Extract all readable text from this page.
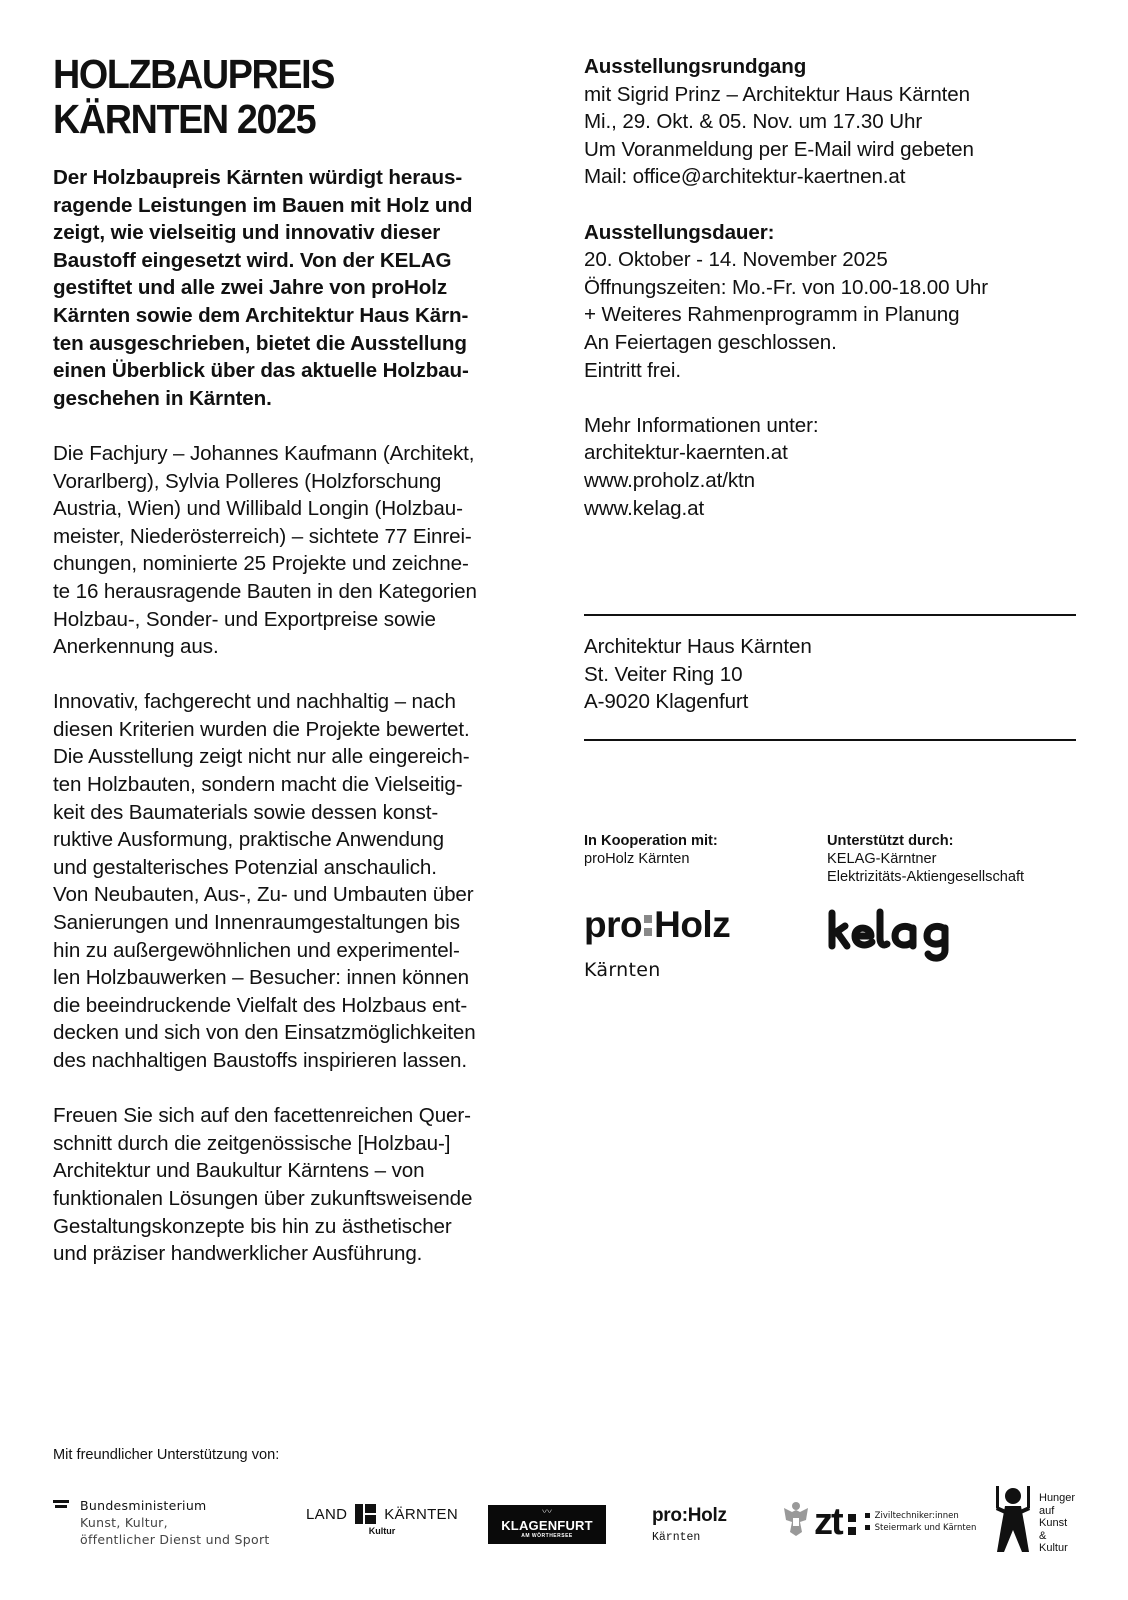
HOLZBAUPREIS
KÄRNTEN 2025

Der Holzbaupreis Kärnten würdigt heraus-
ragende Leistungen im Bauen mit Holz und
zeigt, wie vielseitig und innovativ dieser
Baustoff eingesetzt wird. Von der KELAG
gestiftet und alle zwei Jahre von proHolz
Kärnten sowie dem Architektur Haus Kärn-
ten ausgeschrieben, bietet die Ausstellung
einen Überblick über das aktuelle Holzbau-
geschehen in Kärnten.

Die Fachjury – Johannes Kaufmann (Architekt,
Vorarlberg), Sylvia Polleres (Holzforschung
Austria, Wien) und Willibald Longin (Holzbau-
meister, Niederösterreich) – sichtete 77 Einrei-
chungen, nominierte 25 Projekte und zeichne-
te 16 herausragende Bauten in den Kategorien
Holzbau-, Sonder- und Exportpreise sowie
Anerkennung aus.

Innovativ, fachgerecht und nachhaltig – nach
diesen Kriterien wurden die Projekte bewertet.
Die Ausstellung zeigt nicht nur alle eingereich-
ten Holzbauten, sondern macht die Vielseitig-
keit des Baumaterials sowie dessen konst-
ruktive Ausformung, praktische Anwendung
und gestalterisches Potenzial anschaulich.
Von Neubauten, Aus-, Zu- und Umbauten über
Sanierungen und Innenraumgestaltungen bis
hin zu außergewöhnlichen und experimentel-
len Holzbauwerken – Besucher: innen können
die beeindruckende Vielfalt des Holzbaus ent-
decken und sich von den Einsatzmöglichkeiten
des nachhaltigen Baustoffs inspirieren lassen.

Freuen Sie sich auf den facettenreichen Quer-
schnitt durch die zeitgenössische [Holzbau-]
Architektur und Baukultur Kärntens – von
funktionalen Lösungen über zukunftsweisende
Gestaltungskonzepte bis hin zu ästhetischer
und präziser handwerklicher Ausführung.

Ausstellungsrundgang
mit Sigrid Prinz – Architektur Haus Kärnten
Mi., 29. Okt. & 05. Nov. um 17.30 Uhr
Um Voranmeldung per E-Mail wird gebeten
Mail: office@architektur-kaertnen.at
Ausstellungsdauer:
20. Oktober - 14. November 2025
Öffnungszeiten: Mo.-Fr. von 10.00-18.00 Uhr
+ Weiteres Rahmenprogramm in Planung
An Feiertagen geschlossen.
Eintritt frei.
Mehr Informationen unter:
architektur-kaernten.at
www.proholz.at/ktn
www.kelag.at
Architektur Haus Kärnten
St. Veiter Ring 10
A-9020 Klagenfurt
In Kooperation mit:
proHolz Kärnten
Unterstützt durch:
KELAG-Kärntner
Elektrizitäts-Aktiengesellschaft
pro Holz
Kärnten
Mit freundlicher Unterstützung von:
Bundesministerium
Kunst, Kultur,
öffentlicher Dienst und Sport
LAND KÄRNTEN
Kultur
〰
KLAGENFURT
AM WÖRTHERSEE
pro:Holz
Kärnten	zt	Ziviltechniker:innen
Steiermark und Kärnten
Hunger
auf
Kunst
&
Kultur
